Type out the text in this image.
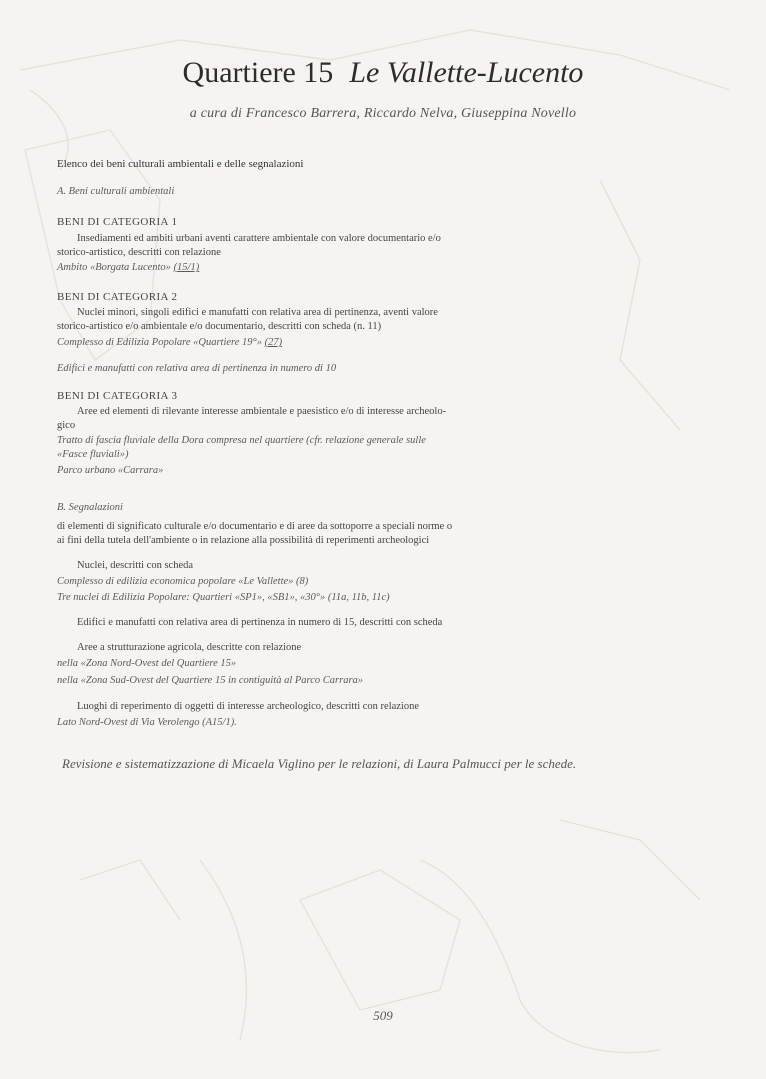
Quartiere 15 Le Vallette-Lucento
a cura di Francesco Barrera, Riccardo Nelva, Giuseppina Novello
Elenco dei beni culturali ambientali e delle segnalazioni
A. Beni culturali ambientali
BENI DI CATEGORIA 1
Insediamenti ed ambiti urbani aventi carattere ambientale con valore documentario e/o
storico-artistico, descritti con relazione
Ambito «Borgata Lucento» (15/1)
BENI DI CATEGORIA 2
Nuclei minori, singoli edifici e manufatti con relativa area di pertinenza, aventi valore
storico-artistico e/o ambientale e/o documentario, descritti con scheda (n. 11)
Complesso di Edilizia Popolare «Quartiere 19°» (27)
Edifici e manufatti con relativa area di pertinenza in numero di 10
BENI DI CATEGORIA 3
Aree ed elementi di rilevante interesse ambientale e paesistico e/o di interesse archeolo-
gico
Tratto di fascia fluviale della Dora compresa nel quartiere (cfr. relazione generale sulle
«Fasce fluviali»)
Parco urbano «Carrara»
B. Segnalazioni
di elementi di significato culturale e/o documentario e di aree da sottoporre a speciali norme o
ai fini della tutela dell'ambiente o in relazione alla possibilità di reperimenti archeologici
Nuclei, descritti con scheda
Complesso di edilizia economica popolare «Le Vallette» (8)
Tre nuclei di Edilizia Popolare: Quartieri «SP1», «SB1», «30°» (11a, 11b, 11c)
Edifici e manufatti con relativa area di pertinenza in numero di 15, descritti con scheda
Aree a strutturazione agricola, descritte con relazione
nella «Zona Nord-Ovest del Quartiere 15»
nella «Zona Sud-Ovest del Quartiere 15 in contiguità al Parco Carrara»
Luoghi di reperimento di oggetti di interesse archeologico, descritti con relazione
Lato Nord-Ovest di Via Verolengo (A15/1).
Revisione e sistematizzazione di Micaela Viglino per le relazioni, di Laura Palmucci per le schede.
509
